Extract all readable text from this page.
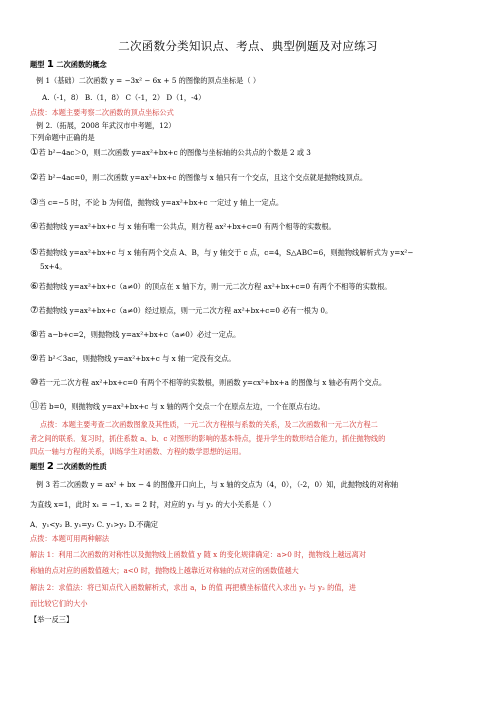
二次函数分类知识点、考点、典型例题及对应练习
题型 1 二次函数的概念
例 1（基础）二次函数 y = −3x² − 6x + 5 的图像的顶点坐标是（ ）
A.（-1，8） B.（1，8） C（-1，2） D（1，-4）
点拨：本题主要考察二次函数的顶点坐标公式
例 2.（拓展，2008 年武汉市中考题，12）
下列命题中正确的是
①若 b²−4ac＞0，则二次函数 y=ax²+bx+c 的图像与坐标轴的公共点的个数是 2 或 3
②若 b²−4ac=0，则二次函数 y=ax²+bx+c 的图像与 x 轴只有一个交点，且这个交点就是抛物线顶点。
③当 c=−5 时，不论 b 为何值，抛物线 y=ax²+bx+c 一定过 y 轴上一定点。
④若抛物线 y=ax²+bx+c 与 x 轴有唯一公共点，则方程 ax²+bx+c=0 有两个相等的实数根。
⑤若抛物线 y=ax²+bx+c 与 x 轴有两个交点 A、B，与 y 轴交于 c 点，c=4，S△ABC=6，则抛物线解析式为 y=x²−
5x+4。
⑥若抛物线 y=ax²+bx+c（a≠0）的顶点在 x 轴下方，则一元二次方程 ax²+bx+c=0 有两个不相等的实数根。
⑦若抛物线 y=ax²+bx+c（a≠0）经过原点，则一元二次方程 ax²+bx+c=0 必有一根为 0。
⑧若 a−b+c=2，则抛物线 y=ax²+bx+c（a≠0）必过一定点。
⑨若 b²＜3ac，则抛物线 y=ax²+bx+c 与 x 轴一定没有交点。
⑩若一元二次方程 ax²+bx+c=0 有两个不相等的实数根，则函数 y=cx²+bx+a 的图像与 x 轴必有两个交点。
⑪若 b=0，则抛物线 y=ax²+bx+c 与 x 轴的两个交点一个在原点左边，一个在原点右边。
点拨：本题主要考查二次函数图象及其性质，一元二次方程根与系数的关系，及二次函数和一元二次方程二
者之间的联系．复习时，抓住系数 a、b、c 对图形的影响的基本特点，提升学生的数形结合能力，抓住抛物线的
四点一轴与方程的关系，训练学生对函数、方程的数学思想的运用。
题型 2 二次函数的性质
例 3 若二次函数 y = ax² + bx − 4 的图像开口向上，与 x 轴的交点为（4，0），（-2，0）知，此抛物线的对称轴
为直线 x=1，此时 x₁ = −1, x₂ = 2 时，对应的 y₁ 与 y₂ 的大小关系是（ ）
A．y₁<y₂ B. y₁=y₂ C. y₁>y₂ D.不确定
点拨：本题可用两种解法
解法 1：利用二次函数的对称性以及抛物线上函数值 y 随 x 的变化规律确定：a>0 时，抛物线上越远离对
称轴的点对应的函数值越大；a<0 时，抛物线上越靠近对称轴的点对应的函数值越大
解法 2：求值法：将已知点代入函数解析式，求出 a，b 的值 再把横坐标值代入求出 y₁ 与 y₂ 的值，进
而比较它们的大小
【举一反三】
